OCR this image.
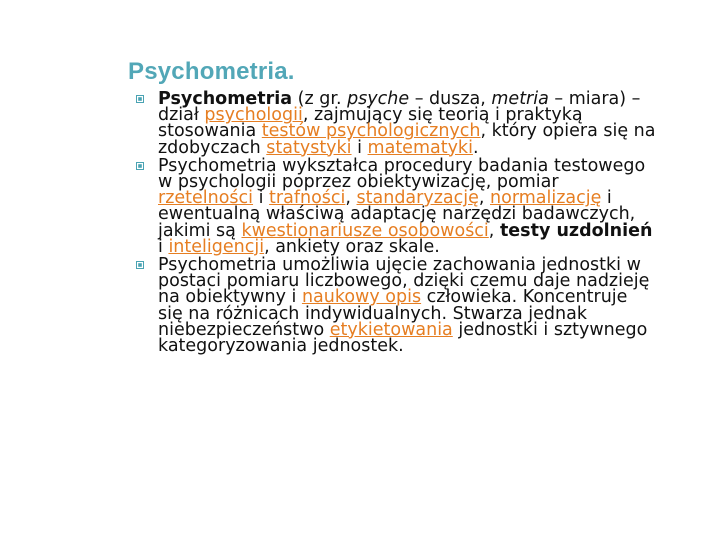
Psychometria.
Psychometria (z gr. psyche – dusza, metria – miara) – dział psychologii, zajmujący się teorią i praktyką stosowania testów psychologicznych, który opiera się na zdobyczach statystyki i matematyki.
Psychometria wykształca procedury badania testowego w psychologii poprzez obiektywizację, pomiar rzetelności i trafności, standaryzację, normalizację i ewentualną właściwą adaptację narzędzi badawczych, jakimi są kwestionariusze osobowości, testy uzdolnień i inteligencji, ankiety oraz skale.
Psychometria umożliwia ujęcie zachowania jednostki w postaci pomiaru liczbowego, dzięki czemu daje nadzieję na obiektywny i naukowy opis człowieka. Koncentruje się na różnicach indywidualnych. Stwarza jednak niebezpieczeństwo etykietowania jednostki i sztywnego kategoryzowania jednostek.
